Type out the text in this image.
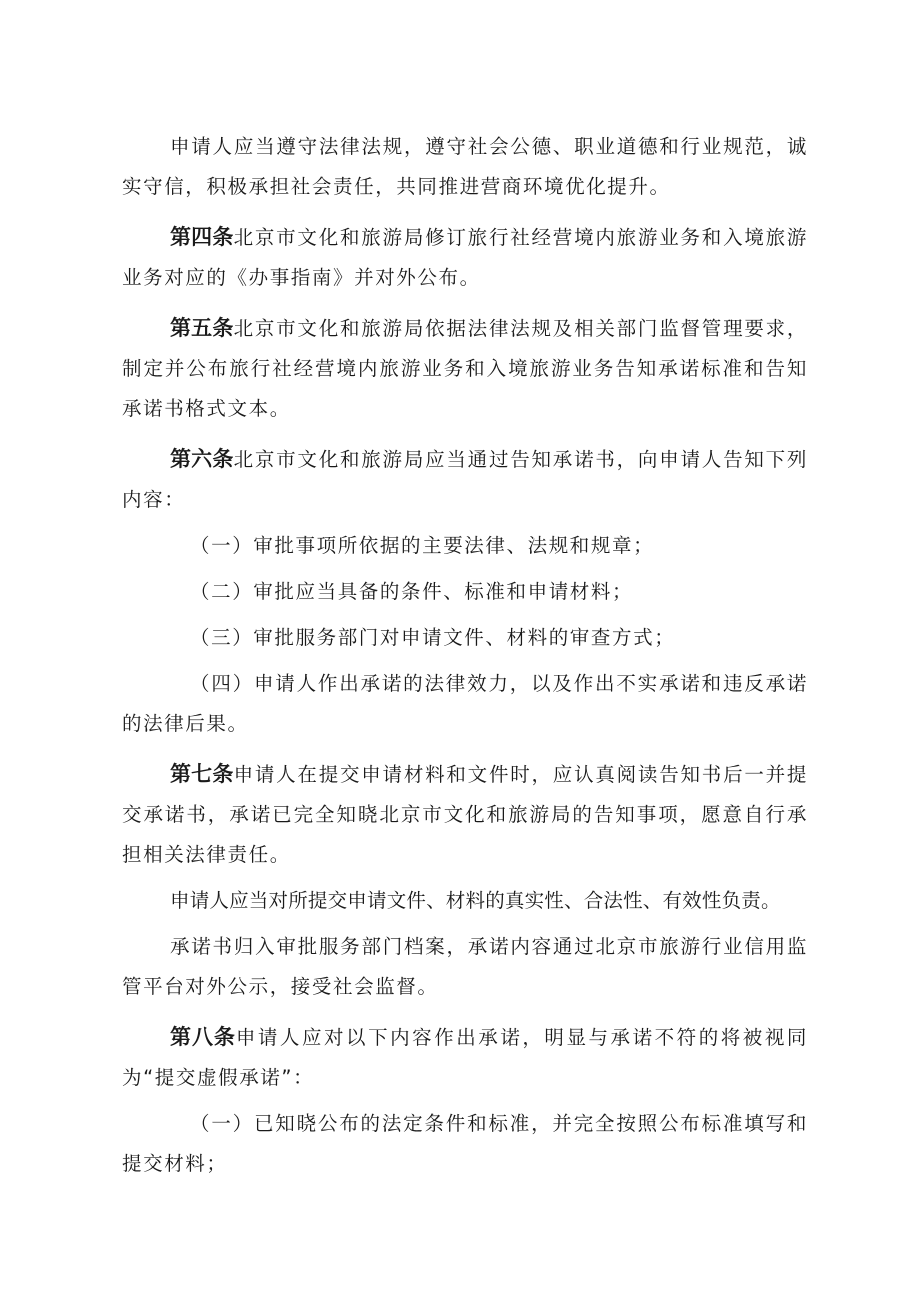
申请人应当遵守法律法规，遵守社会公德、职业道德和行业规范，诚实守信，积极承担社会责任，共同推进营商环境优化提升。

第四条北京市文化和旅游局修订旅行社经营境内旅游业务和入境旅游业务对应的《办事指南》并对外公布。

第五条北京市文化和旅游局依据法律法规及相关部门监督管理要求，制定并公布旅行社经营境内旅游业务和入境旅游业务告知承诺标准和告知承诺书格式文本。

第六条北京市文化和旅游局应当通过告知承诺书，向申请人告知下列内容：

（一）审批事项所依据的主要法律、法规和规章；

（二）审批应当具备的条件、标准和申请材料；

（三）审批服务部门对申请文件、材料的审查方式；

（四）申请人作出承诺的法律效力，以及作出不实承诺和违反承诺的法律后果。

第七条申请人在提交申请材料和文件时，应认真阅读告知书后一并提交承诺书，承诺已完全知晓北京市文化和旅游局的告知事项，愿意自行承担相关法律责任。

申请人应当对所提交申请文件、材料的真实性、合法性、有效性负责。

承诺书归入审批服务部门档案，承诺内容通过北京市旅游行业信用监管平台对外公示，接受社会监督。

第八条申请人应对以下内容作出承诺，明显与承诺不符的将被视同为“提交虚假承诺”：

（一）已知晓公布的法定条件和标准，并完全按照公布标准填写和提交材料；
